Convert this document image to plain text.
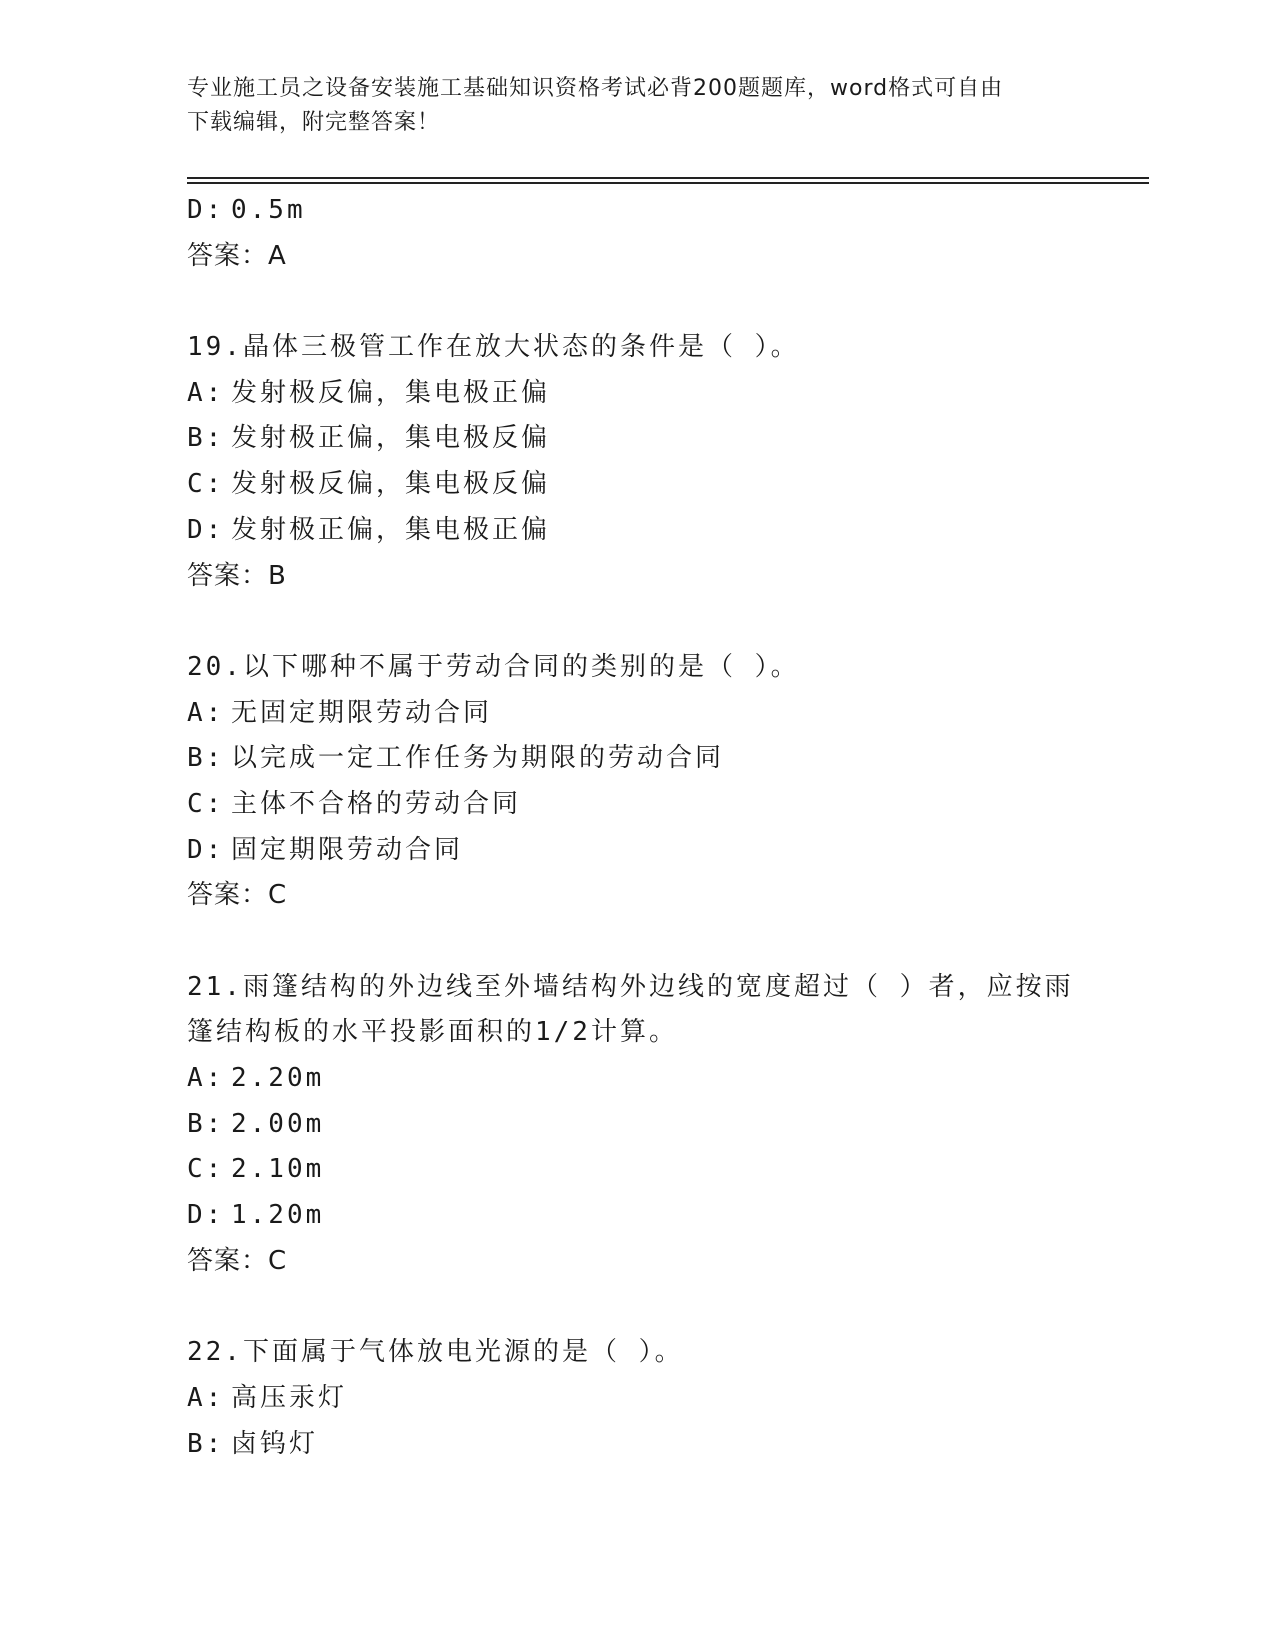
专业施工员之设备安装施工基础知识资格考试必背200题题库，word格式可自由
下载编辑，附完整答案！
D: 0.5m
答案：A
19.晶体三极管工作在放大状态的条件是（ ）。
A: 发射极反偏，集电极正偏
B: 发射极正偏，集电极反偏
C: 发射极反偏，集电极反偏
D: 发射极正偏，集电极正偏
答案：B
20.以下哪种不属于劳动合同的类别的是（ ）。
A: 无固定期限劳动合同
B: 以完成一定工作任务为期限的劳动合同
C: 主体不合格的劳动合同
D: 固定期限劳动合同
答案：C
21.雨篷结构的外边线至外墙结构外边线的宽度超过（ ）者，应按雨
篷结构板的水平投影面积的1/2计算。
A: 2.20m
B: 2.00m
C: 2.10m
D: 1.20m
答案：C
22.下面属于气体放电光源的是（ ）。
A: 高压汞灯
B: 卤钨灯
